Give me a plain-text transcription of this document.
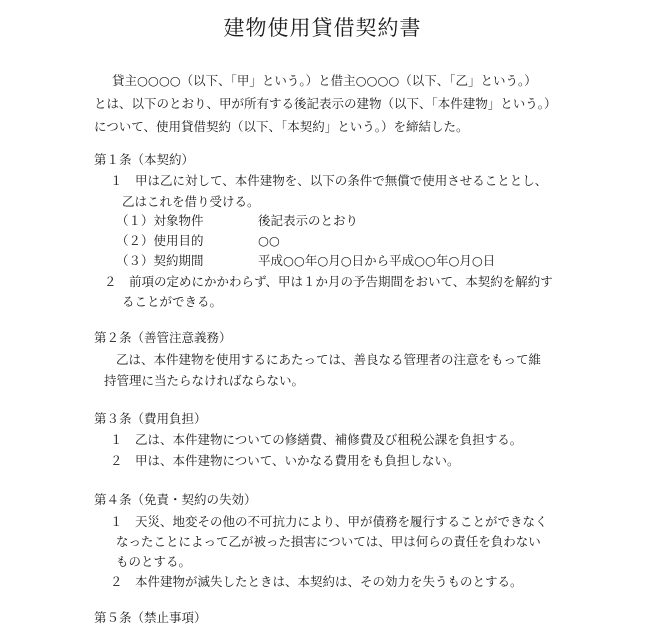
建物使用貸借契約書
貸主○○○○（以下、「甲」という。）と借主○○○○（以下、「乙」という。）
とは、以下のとおり、甲が所有する後記表示の建物（以下、「本件建物」という。）
について、使用貸借契約（以下、「本契約」という。）を締結した。
第１条（本契約）
１　甲は乙に対して、本件建物を、以下の条件で無償で使用させることとし、
乙はこれを借り受ける。
（１）対象物件	後記表示のとおり
（２）使用目的	○○
（３）契約期間	平成○○年○月○日から平成○○年○月○日
２　前項の定めにかかわらず、甲は１か月の予告期間をおいて、本契約を解約す
ることができる。
第２条（善管注意義務）
乙は、本件建物を使用するにあたっては、善良なる管理者の注意をもって維
持管理に当たらなければならない。
第３条（費用負担）
１　乙は、本件建物についての修繕費、補修費及び租税公課を負担する。
２　甲は、本件建物について、いかなる費用をも負担しない。
第４条（免責・契約の失効）
１　天災、地変その他の不可抗力により、甲が債務を履行することができなく
なったことによって乙が被った損害については、甲は何らの責任を負わない
ものとする。
２　本件建物が滅失したときは、本契約は、その効力を失うものとする。
第５条（禁止事項）
